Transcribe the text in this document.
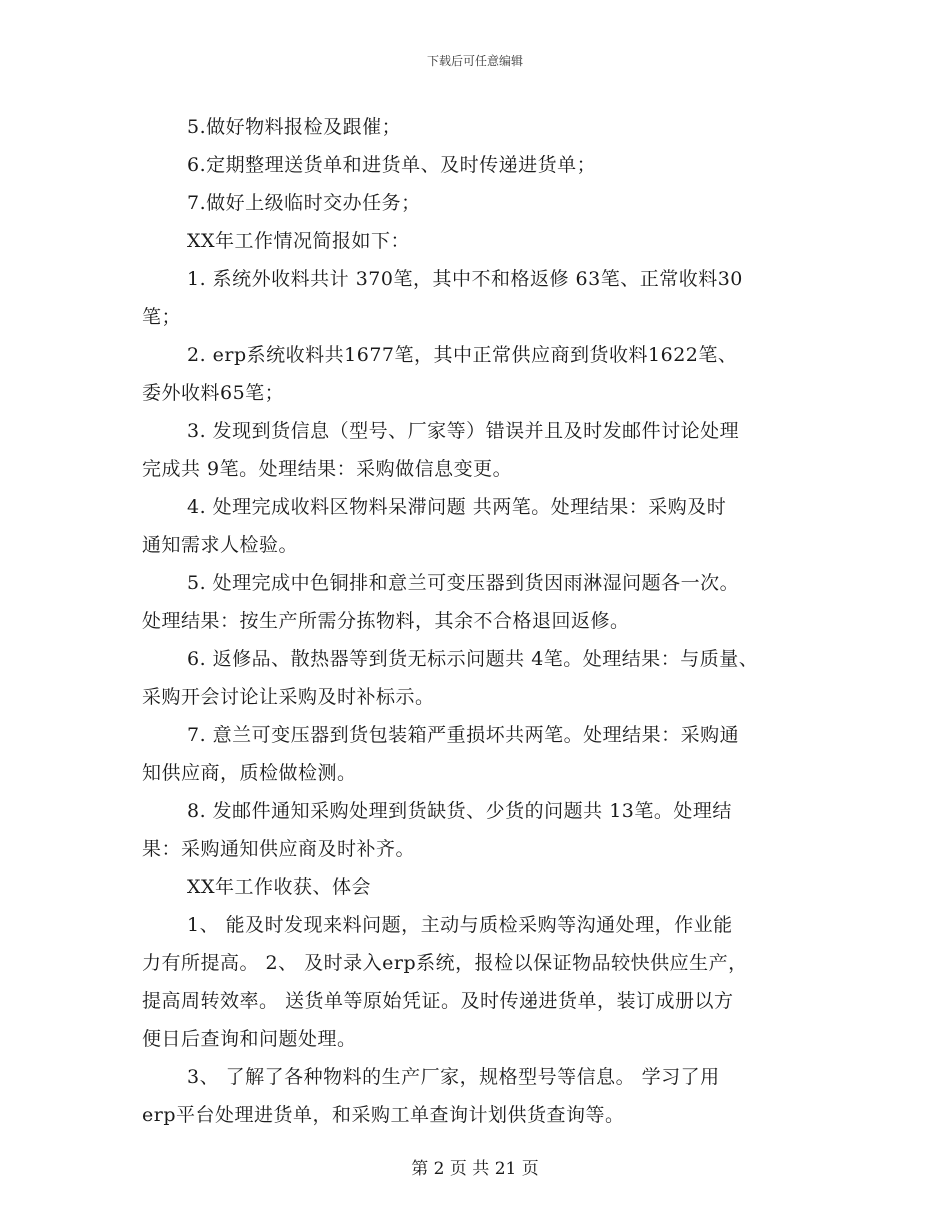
下载后可任意编辑
5.做好物料报检及跟催；
6.定期整理送货单和进货单、及时传递进货单；
7.做好上级临时交办任务；
XX年工作情况简报如下：
1. 系统外收料共计 370笔，其中不和格返修 63笔、正常收料30
笔；
2. erp系统收料共1677笔，其中正常供应商到货收料1622笔、
委外收料65笔；
3. 发现到货信息（型号、厂家等）错误并且及时发邮件讨论处理
完成共 9笔。处理结果：采购做信息变更。
4. 处理完成收料区物料呆滞问题 共两笔。处理结果：采购及时
通知需求人检验。
5. 处理完成中色铜排和意兰可变压器到货因雨淋湿问题各一次。
处理结果：按生产所需分拣物料，其余不合格退回返修。
6. 返修品、散热器等到货无标示问题共 4笔。处理结果：与质量、
采购开会讨论让采购及时补标示。
7. 意兰可变压器到货包装箱严重损坏共两笔。处理结果：采购通
知供应商，质检做检测。
8. 发邮件通知采购处理到货缺货、少货的问题共 13笔。处理结
果：采购通知供应商及时补齐。
XX年工作收获、体会
1、 能及时发现来料问题，主动与质检采购等沟通处理，作业能
力有所提高。 2、 及时录入erp系统，报检以保证物品较快供应生产，
提高周转效率。 送货单等原始凭证。及时传递进货单，装订成册以方
便日后查询和问题处理。
3、 了解了各种物料的生产厂家，规格型号等信息。 学习了用
erp平台处理进货单，和采购工单查询计划供货查询等。
第 2 页 共 21 页
